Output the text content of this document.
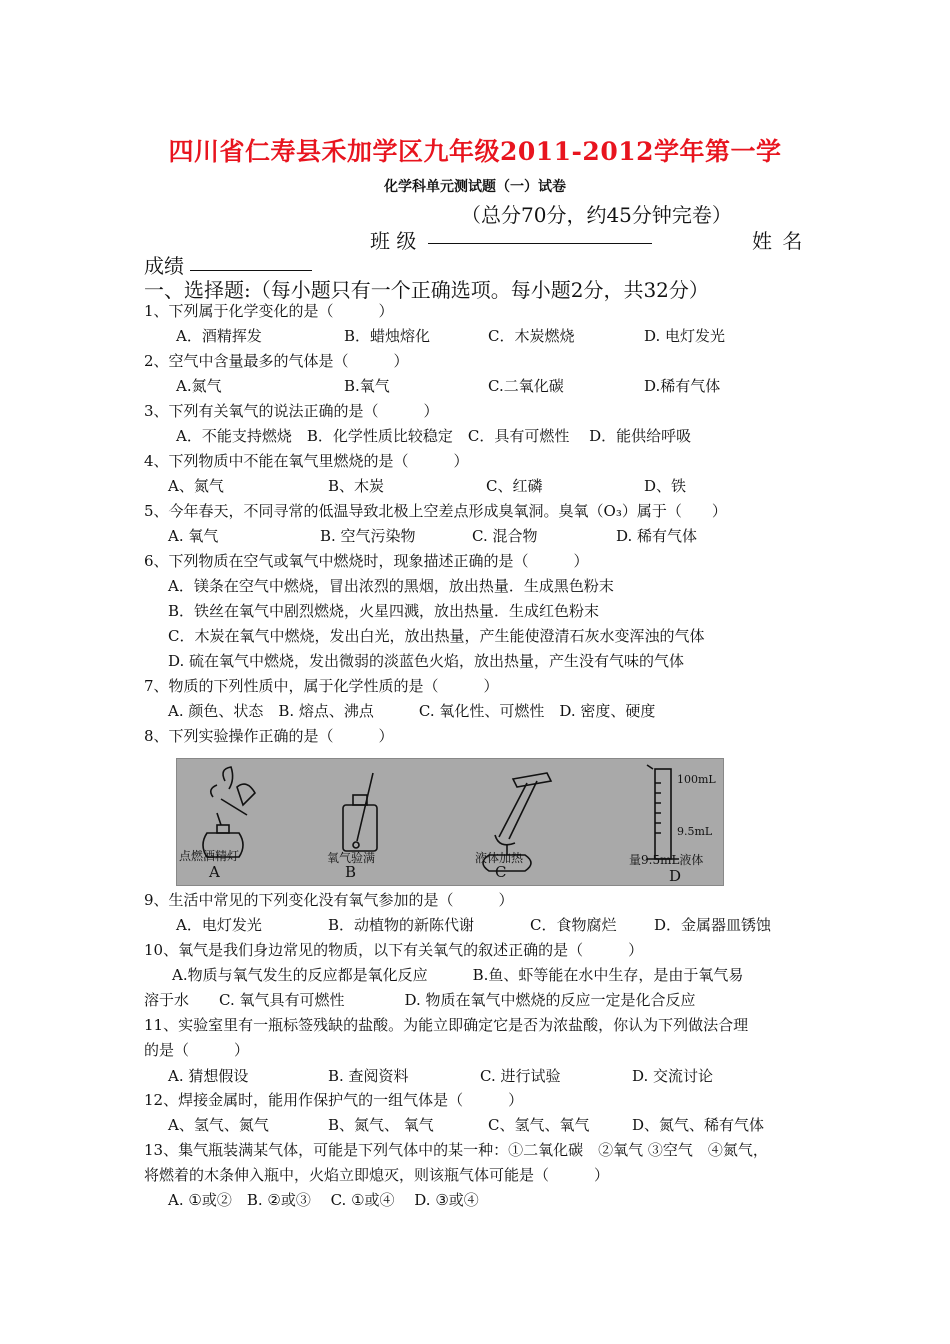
四川省仁寿县禾加学区九年级2011-2012学年第一学
化学科单元测试题（一）试卷
（总分70分，约45分钟完卷）
班 级	姓 名
成绩
一、选择题:（每小题只有一个正确选项。每小题2分，共32分）
1、下列属于化学变化的是（　　　）
A．酒精挥发	B．蜡烛熔化	C．木炭燃烧	D. 电灯发光
2、空气中含量最多的气体是（　　　）
A.氮气	B.氧气	C.二氧化碳	D.稀有气体
3、下列有关氧气的说法正确的是（　　　）
A．不能支持燃烧　B．化学性质比较稳定　C．具有可燃性　 D．能供给呼吸
4、下列物质中不能在氧气里燃烧的是（　　　）
A、氮气	B、木炭	C、红磷	D、铁
5、今年春天，不同寻常的低温导致北极上空差点形成臭氧洞。臭氧（O₃）属于（　　）
A. 氧气	B. 空气污染物	C. 混合物	D. 稀有气体
6、下列物质在空气或氧气中燃烧时，现象描述正确的是（　　　）
A．镁条在空气中燃烧，冒出浓烈的黑烟，放出热量．生成黑色粉末
B．铁丝在氧气中剧烈燃烧，火星四溅，放出热量．生成红色粉末
C．木炭在氧气中燃烧，发出白光，放出热量，产生能使澄清石灰水变浑浊的气体
D. 硫在氧气中燃烧，发出微弱的淡蓝色火焰，放出热量，产生没有气味的气体
7、物质的下列性质中，属于化学性质的是（　　　）
A. 颜色、状态　B. 熔点、沸点　　　C. 氧化性、可燃性　D. 密度、硬度
8、下列实验操作正确的是（　　　）
点燃酒精灯	氧气验满	液体加热	量9.5mL液体
A	B	C	D
100mL
9.5mL
9、生活中常见的下列变化没有氧气参加的是（　　　）
A．电灯发光	B．动植物的新陈代谢	C．食物腐烂	D．金属器皿锈蚀
10、氧气是我们身边常见的物质，以下有关氧气的叙述正确的是（　　　）
A.物质与氧气发生的反应都是氧化反应　　　B.鱼、虾等能在水中生存，是由于氧气易
溶于水　　C. 氧气具有可燃性　　　　D. 物质在氧气中燃烧的反应一定是化合反应
11、实验室里有一瓶标签残缺的盐酸。为能立即确定它是否为浓盐酸，你认为下列做法合理
的是（　　　）
A. 猜想假设	B. 查阅资料	C. 进行试验	D. 交流讨论
12、焊接金属时，能用作保护气的一组气体是（　　　）
A、氢气、氮气	B、氮气、 氧气	C、氢气、氧气	D、氮气、稀有气体
13、集气瓶装满某气体，可能是下列气体中的某一种：①二氧化碳　②氧气 ③空气　④氮气，
将燃着的木条伸入瓶中，火焰立即熄灭，则该瓶气体可能是（　　　）
A. ①或②　B. ②或③　 C. ①或④　 D. ③或④
